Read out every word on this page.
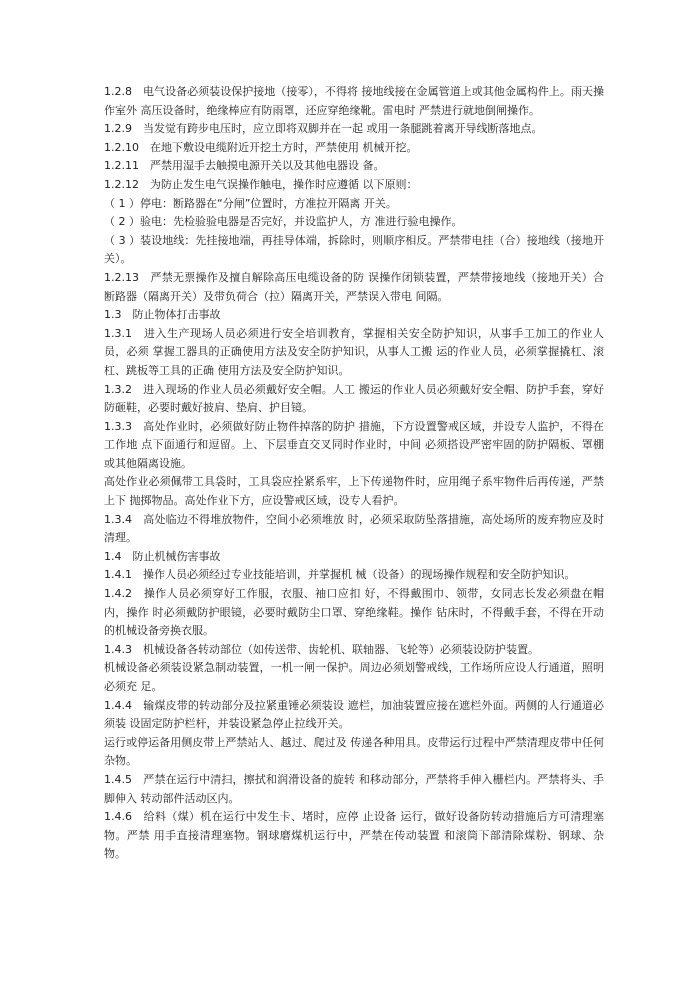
1.2.8　电气设备必须装设保护接地（接零），不得将 接地线接在金属管道上或其他金属构件上。雨天操作室外 高压设备时，绝缘棒应有防雨罩，还应穿绝缘靴。雷电时 严禁进行就地倒闸操作。

1.2.9　当发觉有跨步电压时，应立即将双脚并在一起 或用一条腿跳着离开导线断落地点。

1.2.10　在地下敷设电缆附近开挖土方时，严禁使用 机械开挖。

1.2.11　严禁用湿手去触摸电源开关以及其他电器设 备。

1.2.12　为防止发生电气误操作触电，操作时应遵循 以下原则：

（ 1 ）停电：断路器在“分闸”位置时，方准拉开隔离 开关。

（ 2 ）验电：先检验验电器是否完好，并设监护人，方 准进行验电操作。

（ 3 ）装设地线：先挂接地端，再挂导体端，拆除时，则顺序相反。严禁带电挂（合）接地线（接地开关）。

1.2.13　严禁无票操作及擅自解除高压电缆设备的防 误操作闭锁装置，严禁带接地线（接地开关）合断路器（隔离开关）及带负荷合（拉）隔离开关，严禁误入带电 间隔。

1.3　防止物体打击事故

1.3.1　进入生产现场人员必须进行安全培训教育，掌握相关安全防护知识，从事手工加工的作业人员，必须 掌握工器具的正确使用方法及安全防护知识，从事人工搬 运的作业人员，必须掌握撬杠、滚杠、跳板等工具的正确 使用方法及安全防护知识。

1.3.2　进入现场的作业人员必须戴好安全帽。人工 搬运的作业人员必须戴好安全帽、防护手套，穿好防砸鞋，必要时戴好披肩、垫肩、护目镜。

1.3.3　高处作业时，必须做好防止物件掉落的防护 措施，下方设置警戒区域，并设专人监护，不得在工作地 点下面通行和逗留。上、下层垂直交叉同时作业时，中间 必须搭设严密牢固的防护隔板、罩棚或其他隔离设施。

高处作业必须佩带工具袋时，工具袋应拴紧系牢，上下传递物件时，应用绳子系牢物件后再传递，严禁上下 抛掷物品。高处作业下方，应设警戒区域，设专人看护。

1.3.4　高处临边不得堆放物件，空间小必须堆放 时，必须采取防坠落措施，高处场所的废弃物应及时清理。

1.4　防止机械伤害事故

1.4.1　操作人员必须经过专业技能培训，并掌握机 械（设备）的现场操作规程和安全防护知识。

1.4.2　操作人员必须穿好工作服，衣服、袖口应扣 好，不得戴围巾、领带，女同志长发必须盘在帽内，操作 时必须戴防护眼镜，必要时戴防尘口罩、穿绝缘鞋。操作 钻床时，不得戴手套，不得在开动的机械设备旁换衣服。

1.4.3　机械设备各转动部位（如传送带、齿轮机、联轴器、飞轮等）必须装设防护装置。

机械设备必须装设紧急制动装置，一机一闸一保护。周边必须划警戒线，工作场所应设人行通道，照明必须充 足。

1.4.4　输煤皮带的转动部分及拉紧重锤必须装设 遮栏，加油装置应接在遮栏外面。两侧的人行通道必须装 设固定防护栏杆，并装设紧急停止拉线开关。

运行或停运备用侧皮带上严禁站人、越过、爬过及 传递各种用具。皮带运行过程中严禁清理皮带中任何杂物。

1.4.5　严禁在运行中清扫，擦拭和润滑设备的旋转 和移动部分，严禁将手伸入栅栏内。严禁将头、手脚伸入 转动部件活动区内。

1.4.6　给料（煤）机在运行中发生卡、堵时，应停 止设备 运行，做好设备防转动措施后方可清理塞物。严禁 用手直接清理塞物。钢球磨煤机运行中，严禁在传动装置 和滚筒下部清除煤粉、钢球、杂物。
